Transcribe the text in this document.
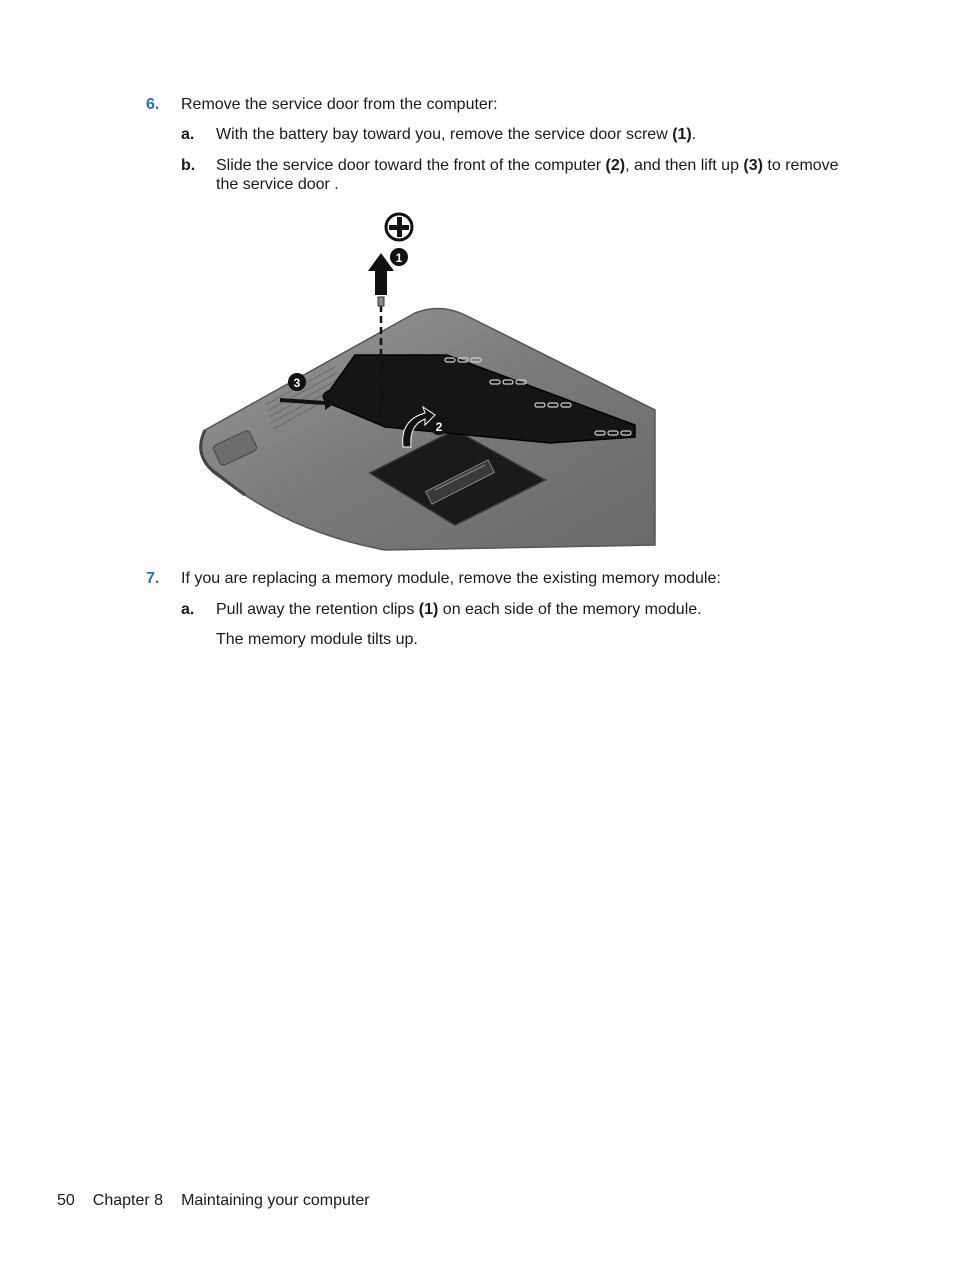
6. Remove the service door from the computer:
a. With the battery bay toward you, remove the service door screw (1).
b. Slide the service door toward the front of the computer (2), and then lift up (3) to remove the service door .
1
3
2
7. If you are replacing a memory module, remove the existing memory module:
a. Pull away the retention clips (1) on each side of the memory module.
The memory module tilts up.
50 Chapter 8 Maintaining your computer
